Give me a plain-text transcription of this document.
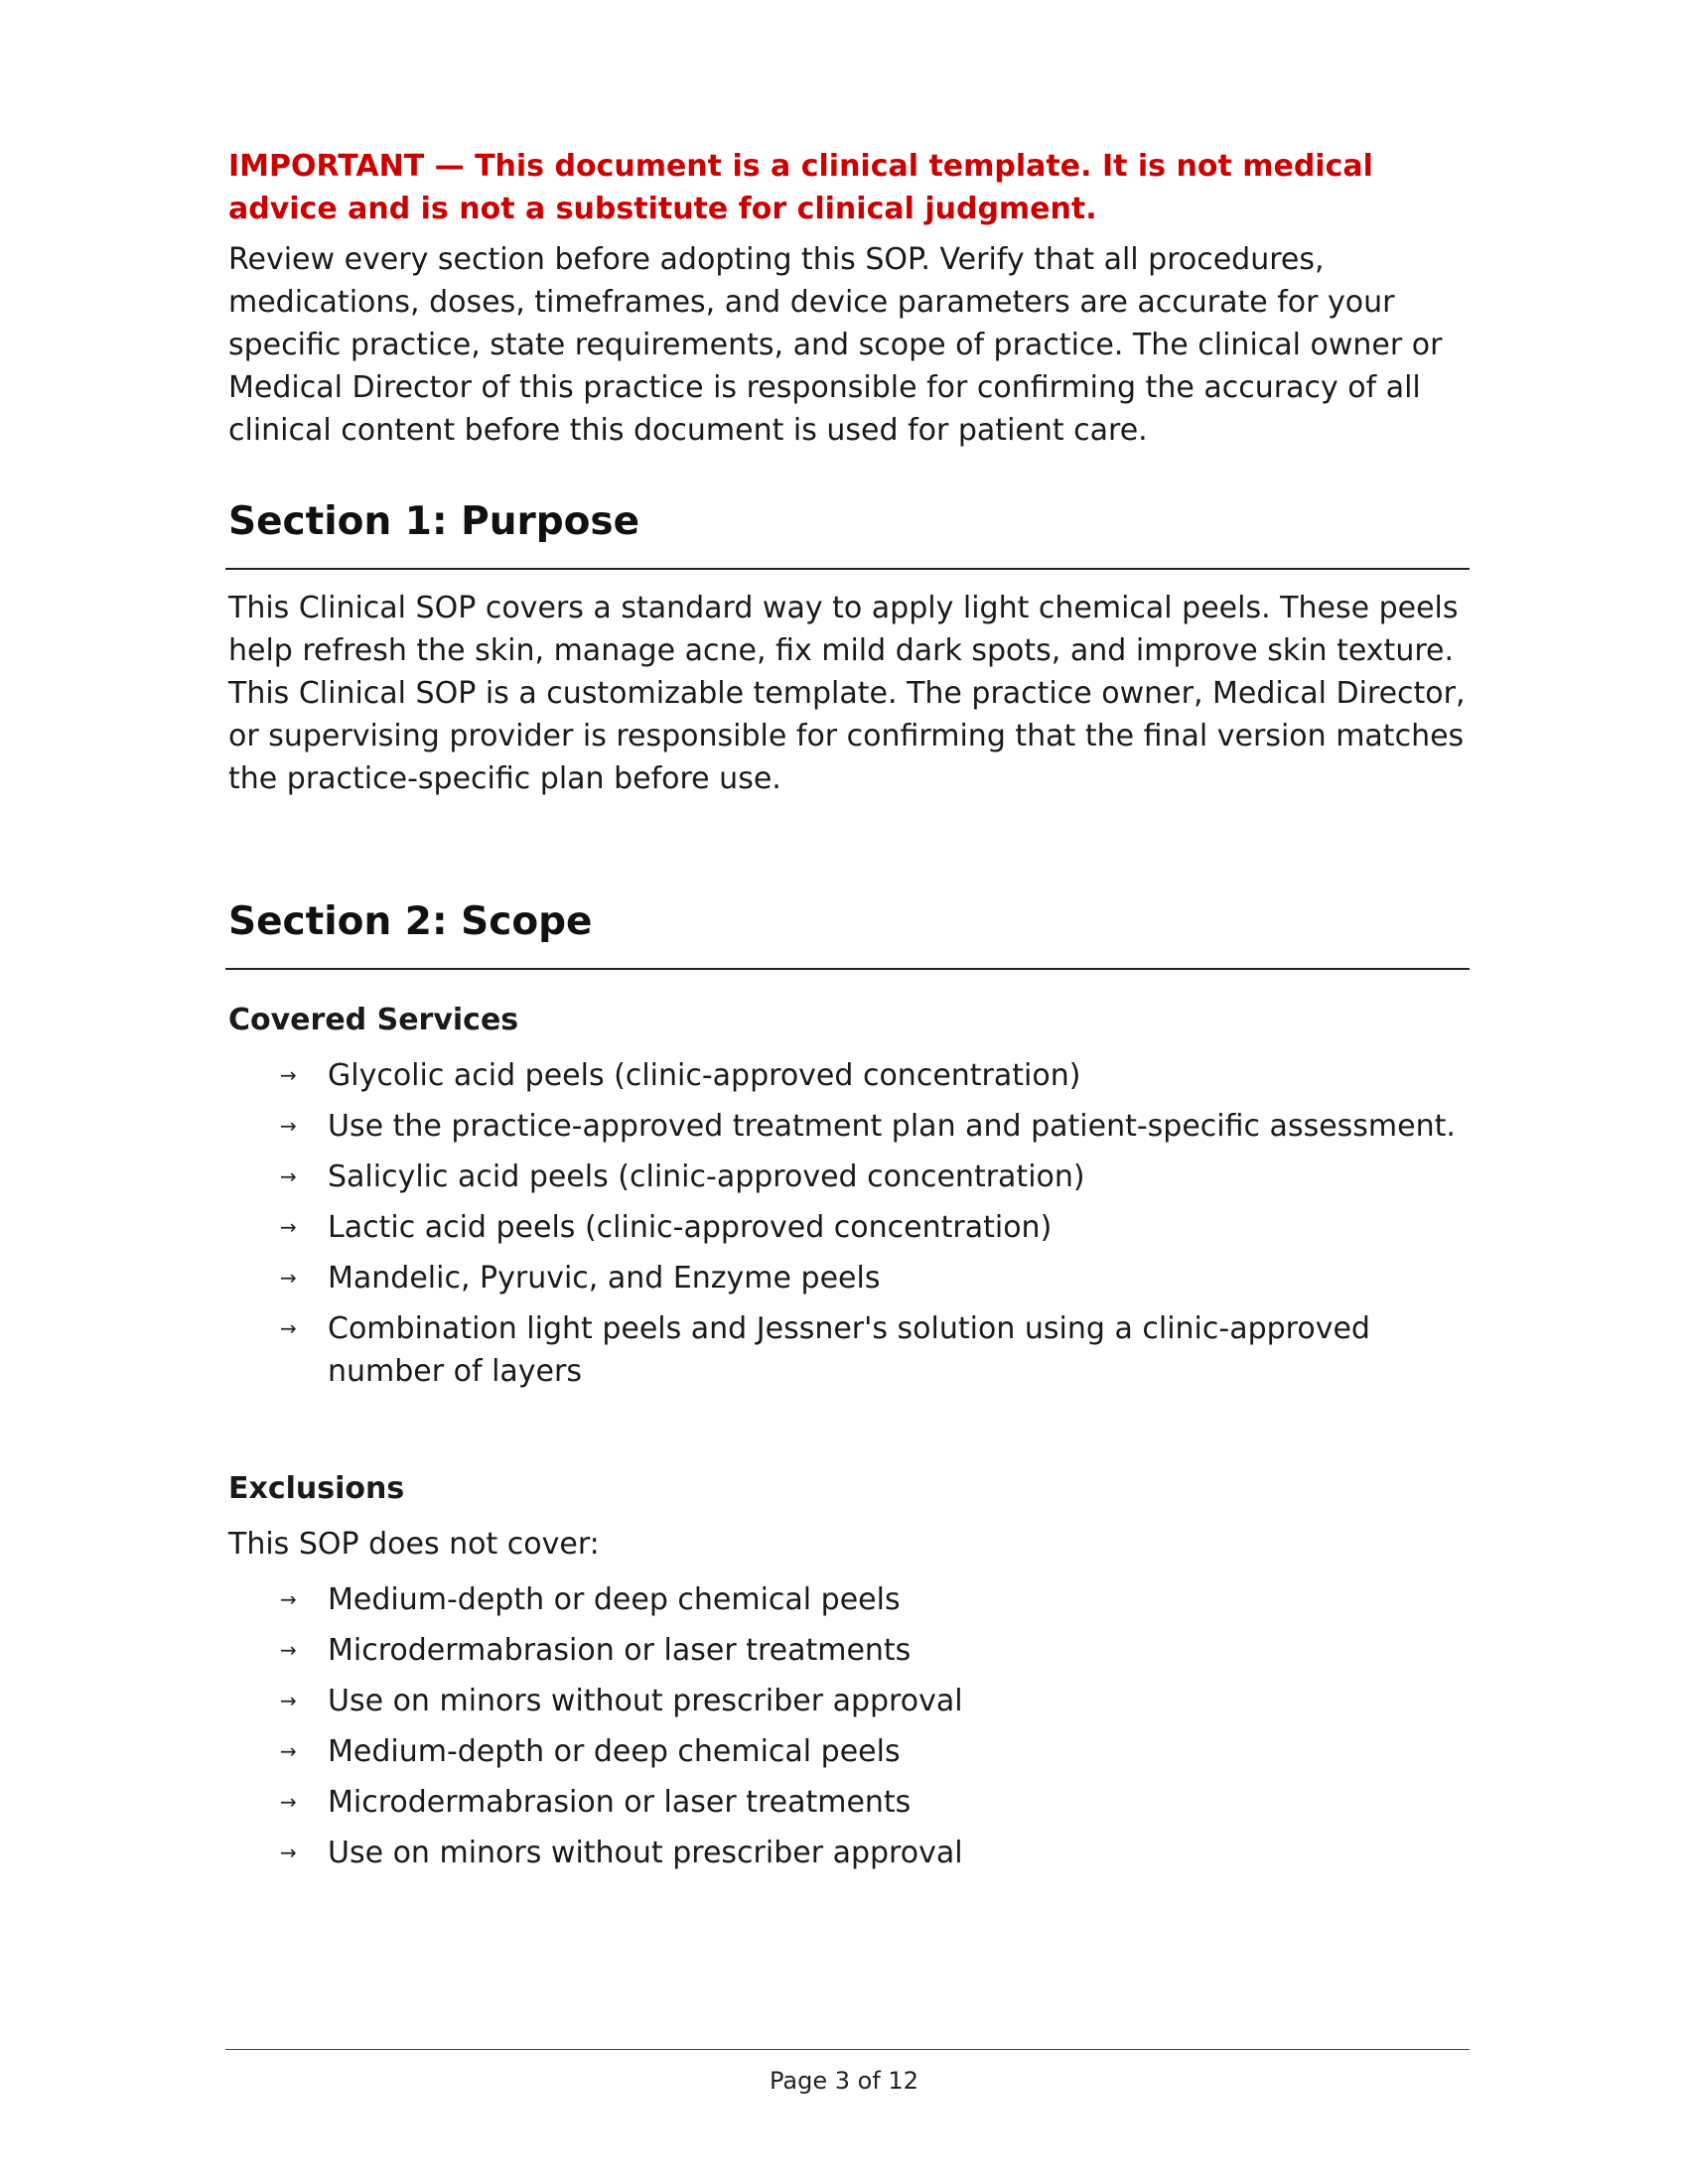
IMPORTANT — This document is a clinical template. It is not medical advice and is not a substitute for clinical judgment.

Review every section before adopting this SOP. Verify that all procedures, medications, doses, timeframes, and device parameters are accurate for your specific practice, state requirements, and scope of practice. The clinical owner or Medical Director of this practice is responsible for confirming the accuracy of all clinical content before this document is used for patient care.

Section 1: Purpose

This Clinical SOP covers a standard way to apply light chemical peels. These peels help refresh the skin, manage acne, fix mild dark spots, and improve skin texture. This Clinical SOP is a customizable template. The practice owner, Medical Director, or supervising provider is responsible for confirming that the final version matches the practice-specific plan before use.

Section 2: Scope

Covered Services

→ Glycolic acid peels (clinic-approved concentration)
→ Use the practice-approved treatment plan and patient-specific assessment.
→ Salicylic acid peels (clinic-approved concentration)
→ Lactic acid peels (clinic-approved concentration)
→ Mandelic, Pyruvic, and Enzyme peels
→ Combination light peels and Jessner's solution using a clinic-approved number of layers

Exclusions

This SOP does not cover:

→ Medium-depth or deep chemical peels
→ Microdermabrasion or laser treatments
→ Use on minors without prescriber approval
→ Medium-depth or deep chemical peels
→ Microdermabrasion or laser treatments
→ Use on minors without prescriber approval
Page 3 of 12
